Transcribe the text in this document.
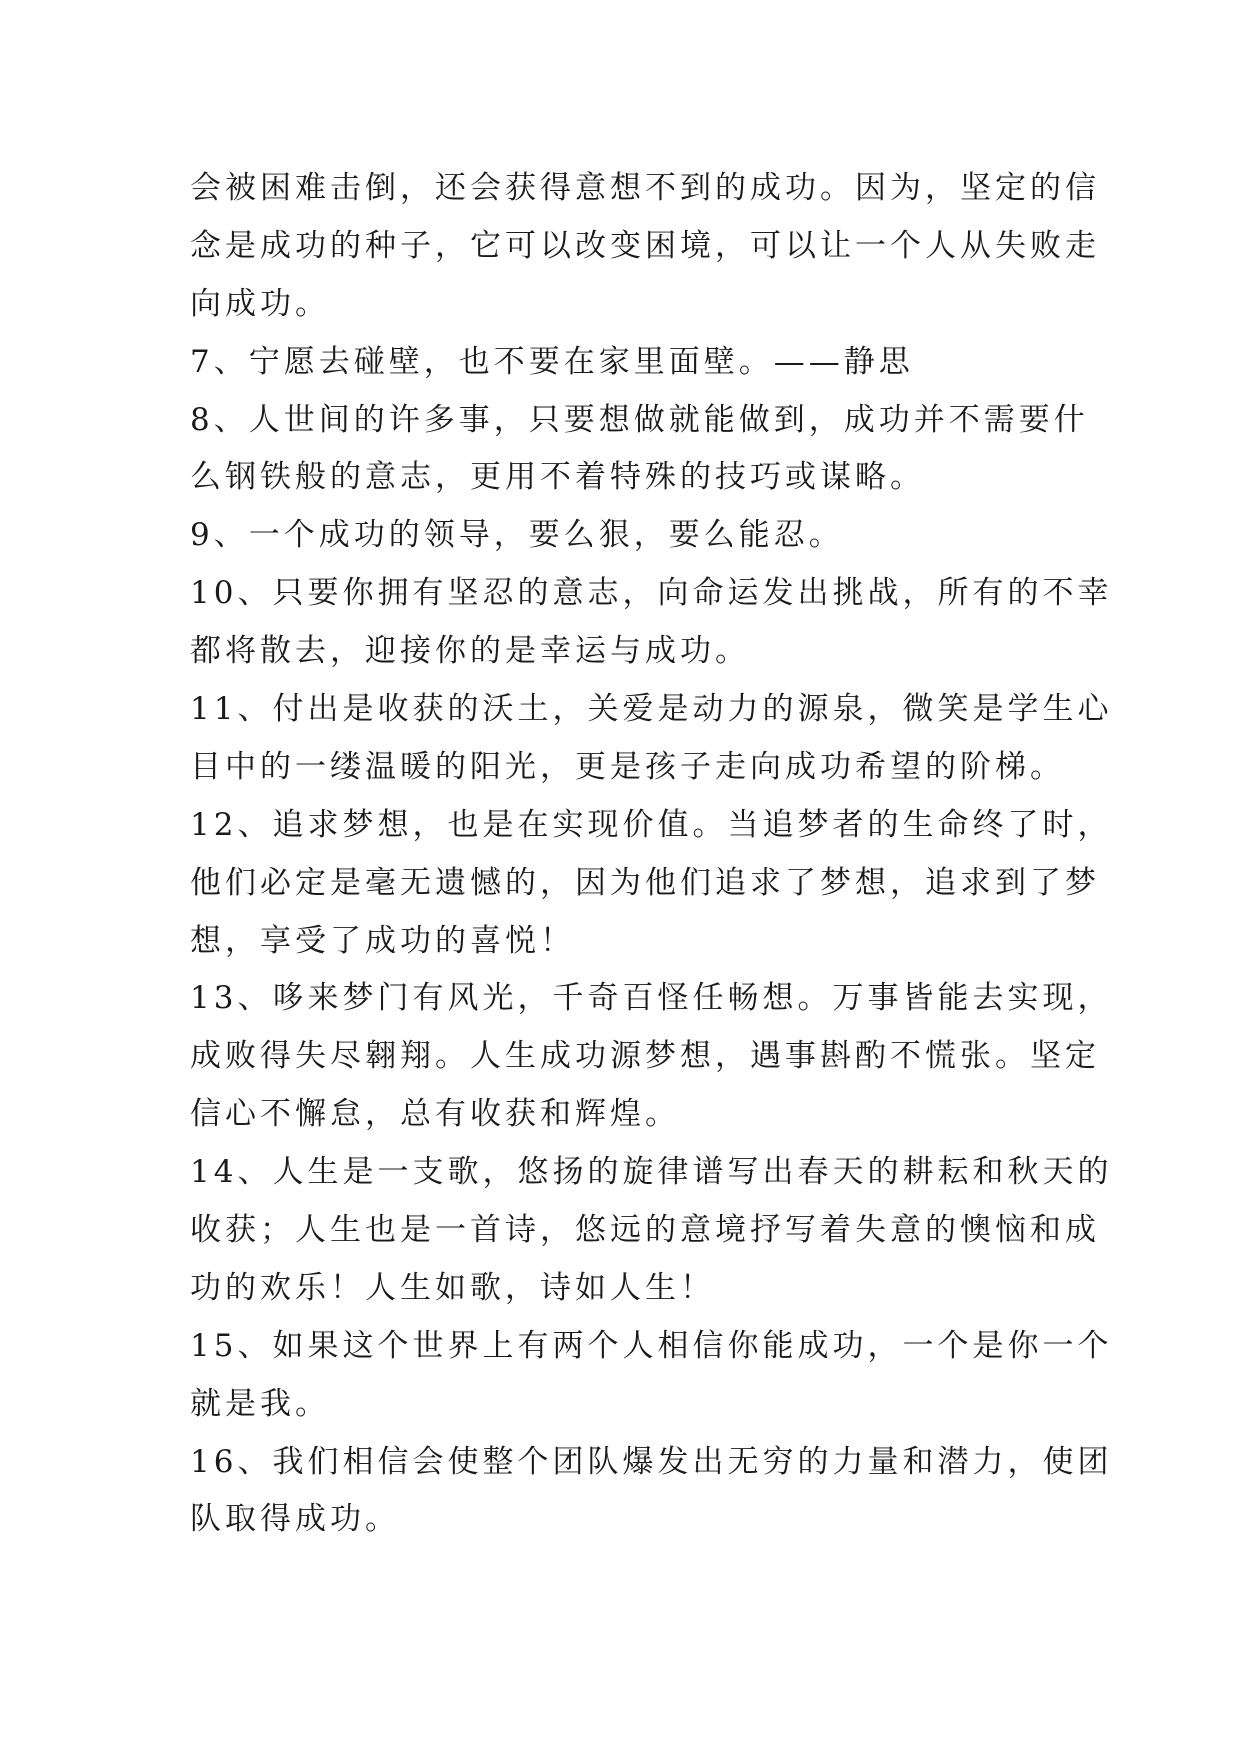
会被困难击倒，还会获得意想不到的成功。因为，坚定的信
念是成功的种子，它可以改变困境，可以让一个人从失败走
向成功。
7、宁愿去碰壁，也不要在家里面壁。——静思
8、人世间的许多事，只要想做就能做到，成功并不需要什
么钢铁般的意志，更用不着特殊的技巧或谋略。
9、一个成功的领导，要么狠，要么能忍。
10、只要你拥有坚忍的意志，向命运发出挑战，所有的不幸
都将散去，迎接你的是幸运与成功。
11、付出是收获的沃土，关爱是动力的源泉，微笑是学生心
目中的一缕温暖的阳光，更是孩子走向成功希望的阶梯。
12、追求梦想，也是在实现价值。当追梦者的生命终了时，
他们必定是毫无遗憾的，因为他们追求了梦想，追求到了梦
想，享受了成功的喜悦！
13、哆来梦门有风光，千奇百怪任畅想。万事皆能去实现，
成败得失尽翱翔。人生成功源梦想，遇事斟酌不慌张。坚定
信心不懈怠，总有收获和辉煌。
14、人生是一支歌，悠扬的旋律谱写出春天的耕耘和秋天的
收获；人生也是一首诗，悠远的意境抒写着失意的懊恼和成
功的欢乐！人生如歌，诗如人生！
15、如果这个世界上有两个人相信你能成功，一个是你一个
就是我。
16、我们相信会使整个团队爆发出无穷的力量和潜力，使团
队取得成功。
